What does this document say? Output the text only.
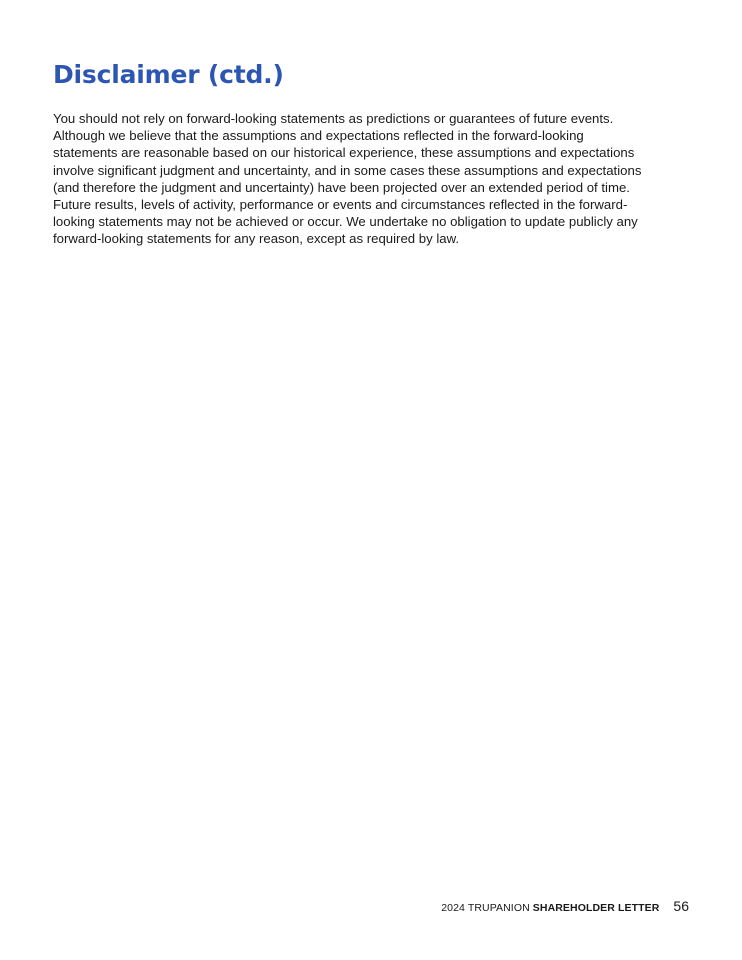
Disclaimer (ctd.)

You should not rely on forward-looking statements as predictions or guarantees of future events.
Although we believe that the assumptions and expectations reflected in the forward-looking
statements are reasonable based on our historical experience, these assumptions and expectations
involve significant judgment and uncertainty, and in some cases these assumptions and expectations
(and therefore the judgment and uncertainty) have been projected over an extended period of time.
Future results, levels of activity, performance or events and circumstances reflected in the forward-
looking statements may not be achieved or occur. We undertake no obligation to update publicly any
forward-looking statements for any reason, except as required by law.

2024 TRUPANION SHAREHOLDER LETTER 56
